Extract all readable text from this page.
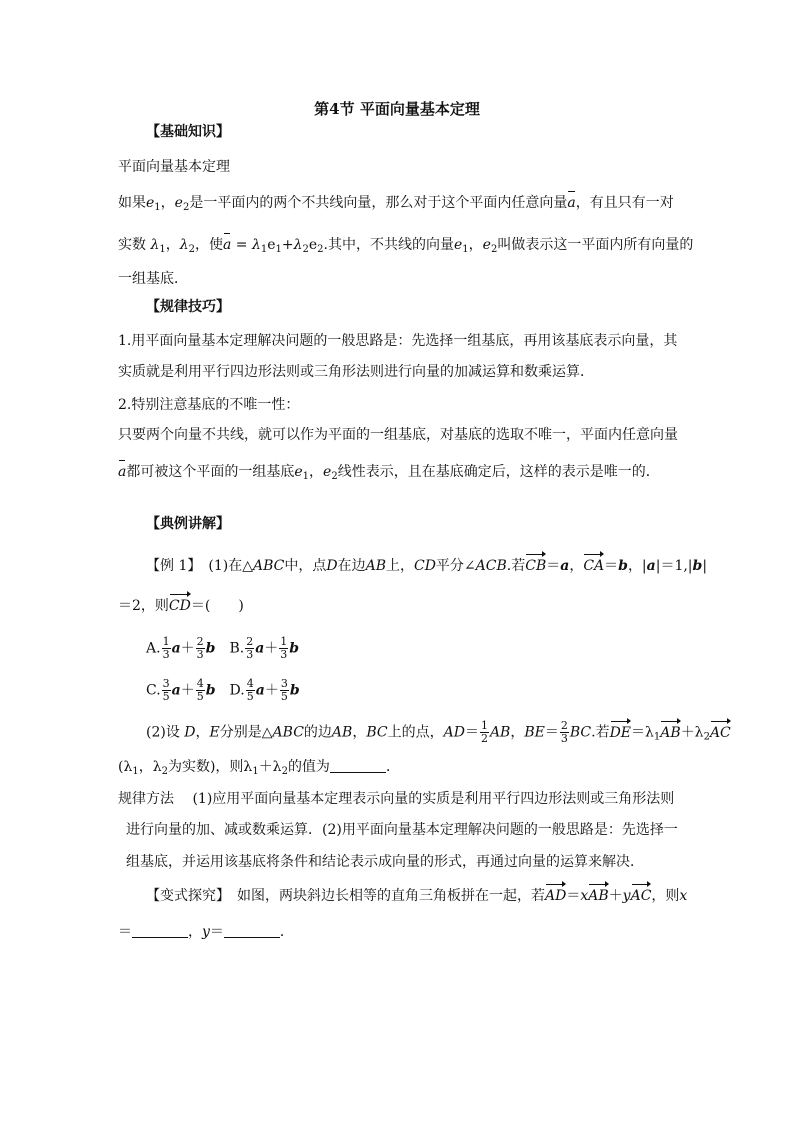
第4节 平面向量基本定理
【基础知识】
平面向量基本定理
如果$e_1$，$e_2$是一平面内的两个不共线向量，那么对于这个平面内任意向量a，有且只有一对
实数 $\lambda_1$，$\lambda_2$，使$a = \lambda_1e_1+\lambda_2e_2$.其中，不共线的向量$e_1$，$e_2$叫做表示这一平面内所有向量的
一组基底．
【规律技巧】
1.用平面向量基本定理解决问题的一般思路是：先选择一组基底，再用该基底表示向量，其
实质就是利用平行四边形法则或三角形法则进行向量的加减运算和数乘运算．
2.特别注意基底的不唯一性：
只要两个向量不共线，就可以作为平面的一组基底，对基底的选取不唯一，平面内任意向量
a都可被这个平面的一组基底$e_1$，$e_2$线性表示，且在基底确定后，这样的表示是唯一的．
【典例讲解】
【例 1】　 (1)在△ABC中，点D在边AB上，CD平分∠ACB.若CB＝a，CA＝b，|a|＝1,|b|
＝2，则CD＝(　　)
A. $\frac{1}{3} a+ \frac{2}{3}$ b　 B. $\frac{2}{3} a+ \frac{1}{3}$ b
C. $\frac{3}{5} a+ \frac{4}{5}$ b　 D. $\frac{4}{5} a+ \frac{3}{5}$ b
(2)设 D，E分别是△ABC的边AB，BC上的点，$AD= \frac{1}{2}$ AB，$BE= \frac{2}{3}$ BC.若$DE=\lambda_1AB+\lambda_2AC$
($\lambda_1$，$\lambda_2$为实数)，则$\lambda_1+\lambda_2$的值为	．
规律方法　 (1)应用平面向量基本定理表示向量的实质是利用平行四边形法则或三角形法则
进行向量的加、减或数乘运算．(2)用平面向量基本定理解决问题的一般思路是：先选择一
组基底，并运用该基底将条件和结论表示成向量的形式，再通过向量的运算来解决．
【变式探究】　 如图，两块斜边长相等的直角三角板拼在一起，若AD＝xAB＋yAC，则x
＝	，y＝	．
